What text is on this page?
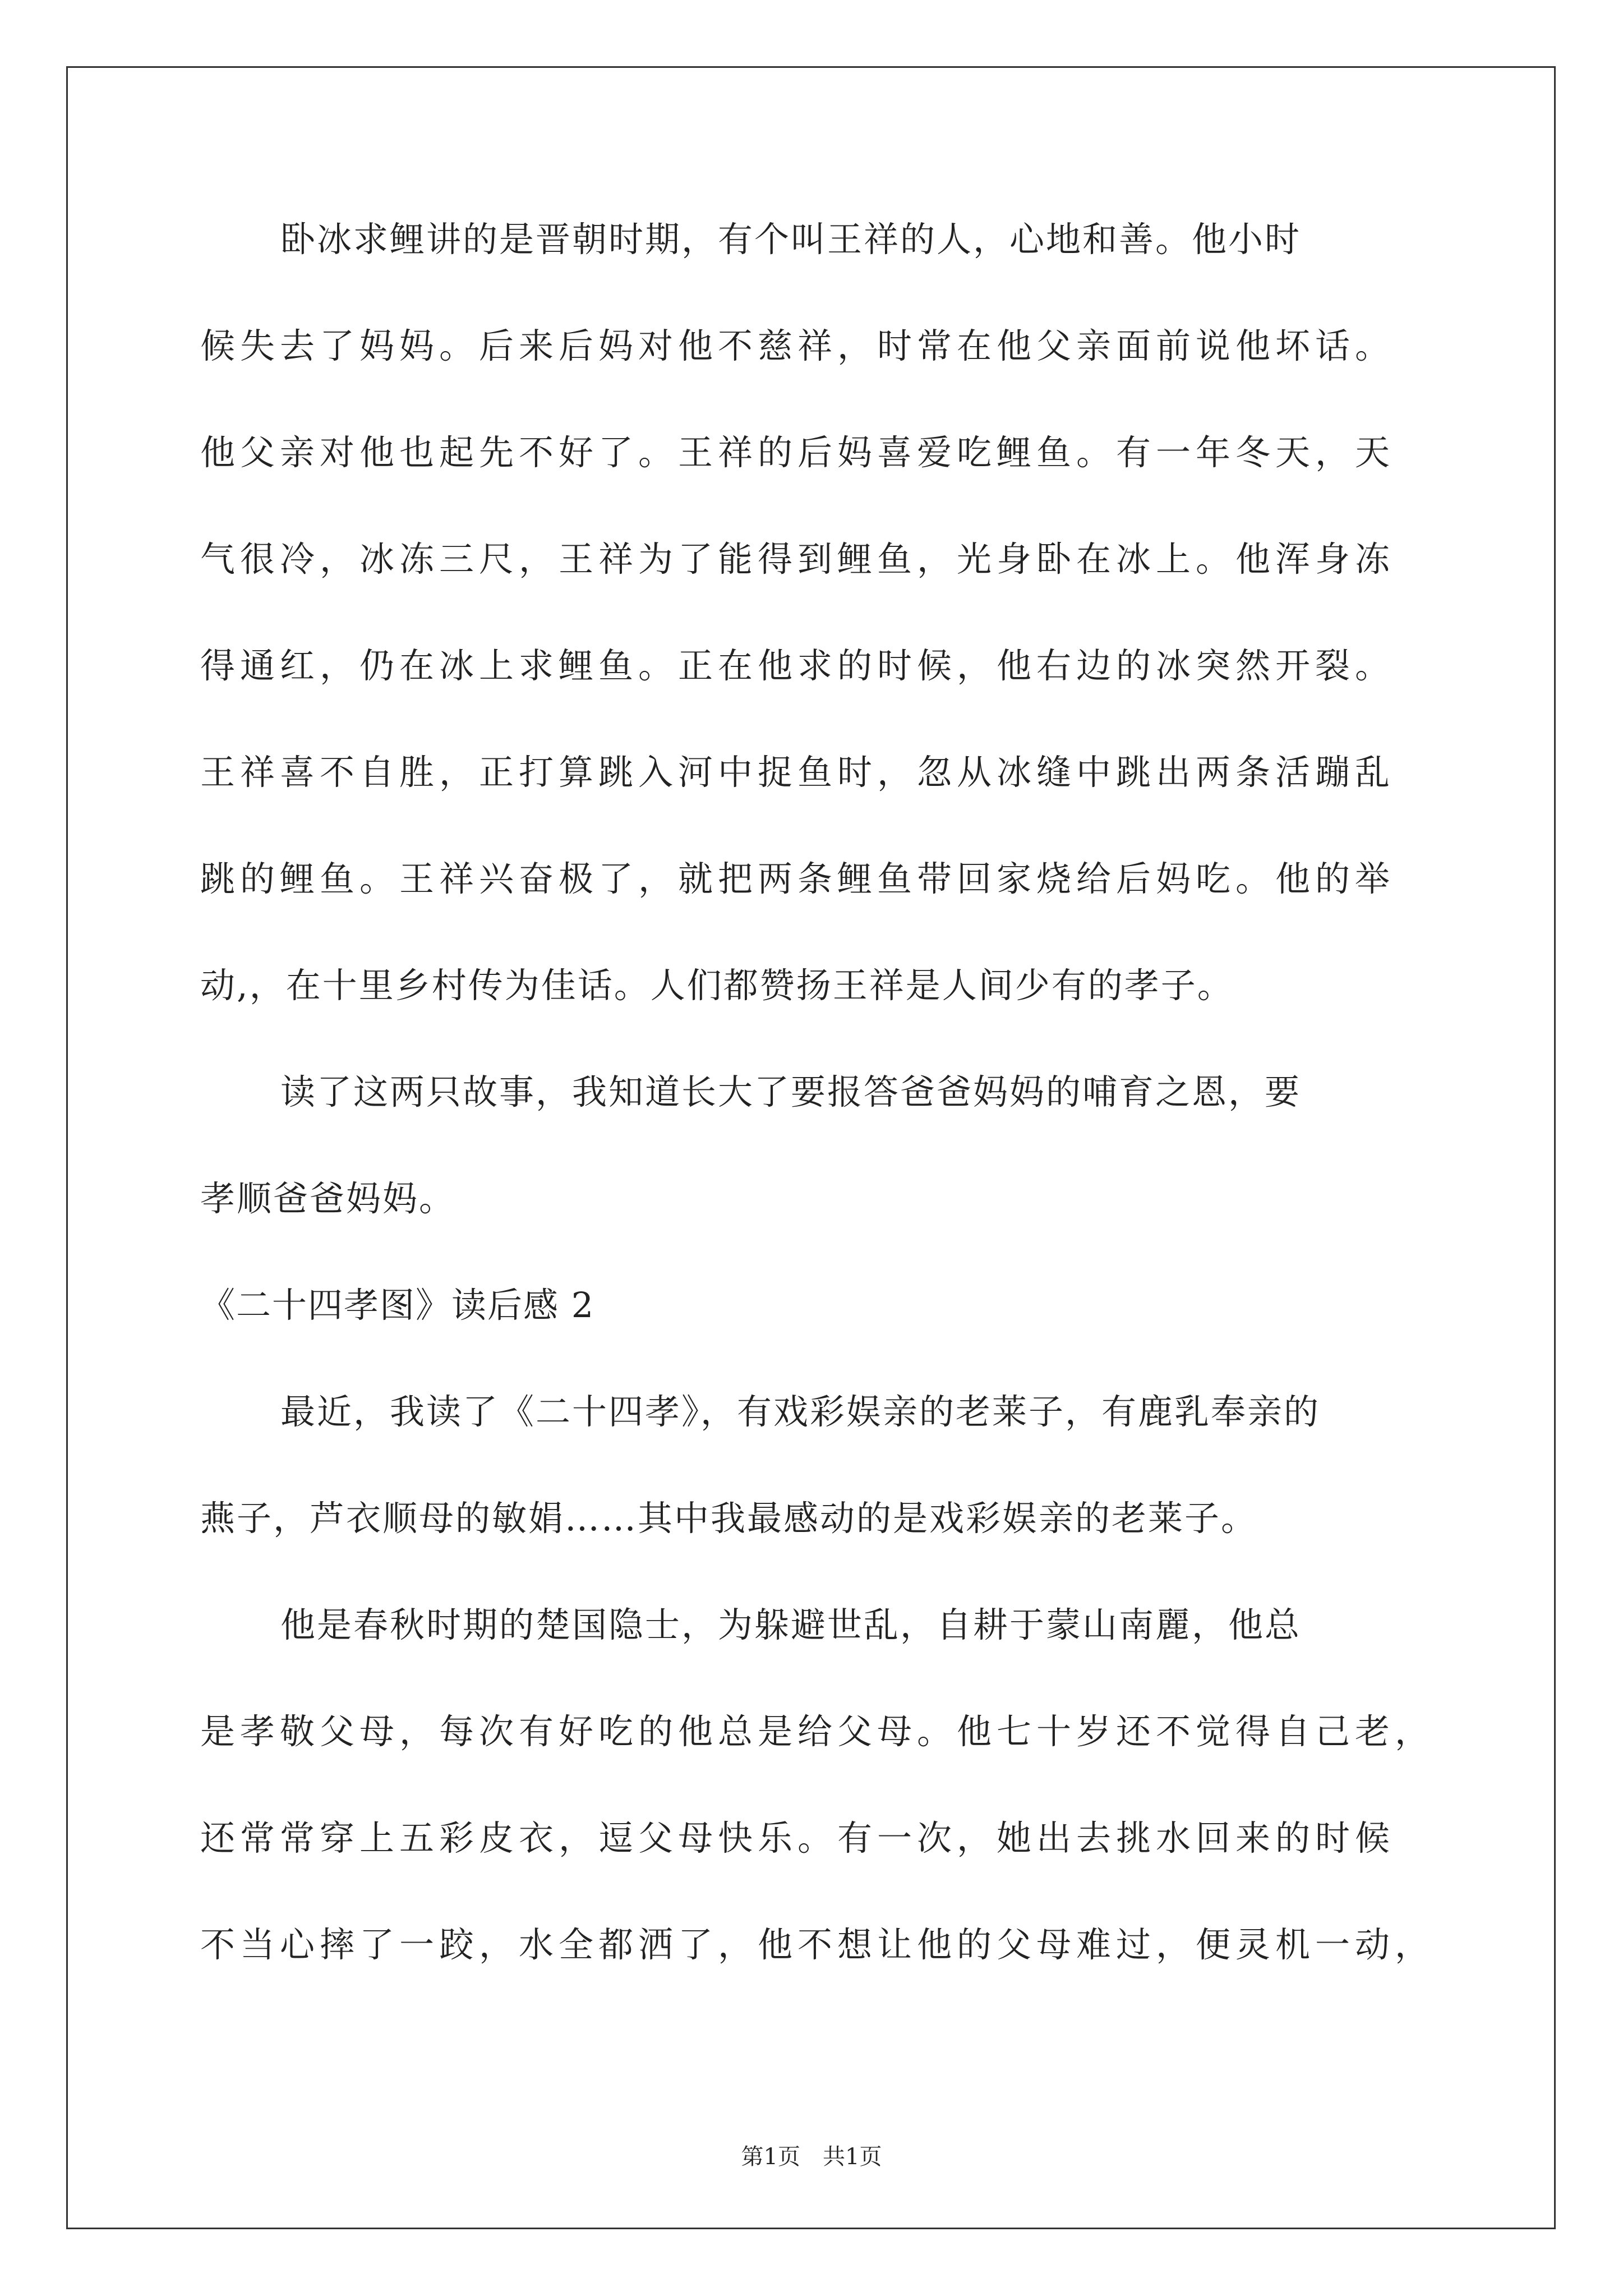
卧冰求鲤讲的是晋朝时期，有个叫王祥的人，心地和善。他小时
候失去了妈妈。后来后妈对他不慈祥，时常在他父亲面前说他坏话。
他父亲对他也起先不好了。王祥的后妈喜爱吃鲤鱼。有一年冬天，天
气很冷，冰冻三尺，王祥为了能得到鲤鱼，光身卧在冰上。他浑身冻
得通红，仍在冰上求鲤鱼。正在他求的时候，他右边的冰突然开裂。
王祥喜不自胜，正打算跳入河中捉鱼时，忽从冰缝中跳出两条活蹦乱
跳的鲤鱼。王祥兴奋极了，就把两条鲤鱼带回家烧给后妈吃。他的举
动,，在十里乡村传为佳话。人们都赞扬王祥是人间少有的孝子。
读了这两只故事，我知道长大了要报答爸爸妈妈的哺育之恩，要
孝顺爸爸妈妈。
《二十四孝图》读后感 2
最近，我读了《二十四孝》，有戏彩娱亲的老莱子，有鹿乳奉亲的
燕子，芦衣顺母的敏娟……其中我最感动的是戏彩娱亲的老莱子。
他是春秋时期的楚国隐士，为躲避世乱，自耕于蒙山南麗，他总
是孝敬父母，每次有好吃的他总是给父母。他七十岁还不觉得自己老，
还常常穿上五彩皮衣，逗父母快乐。有一次，她出去挑水回来的时候
不当心摔了一跤，水全都洒了，他不想让他的父母难过，便灵机一动，
第1页　共1页
